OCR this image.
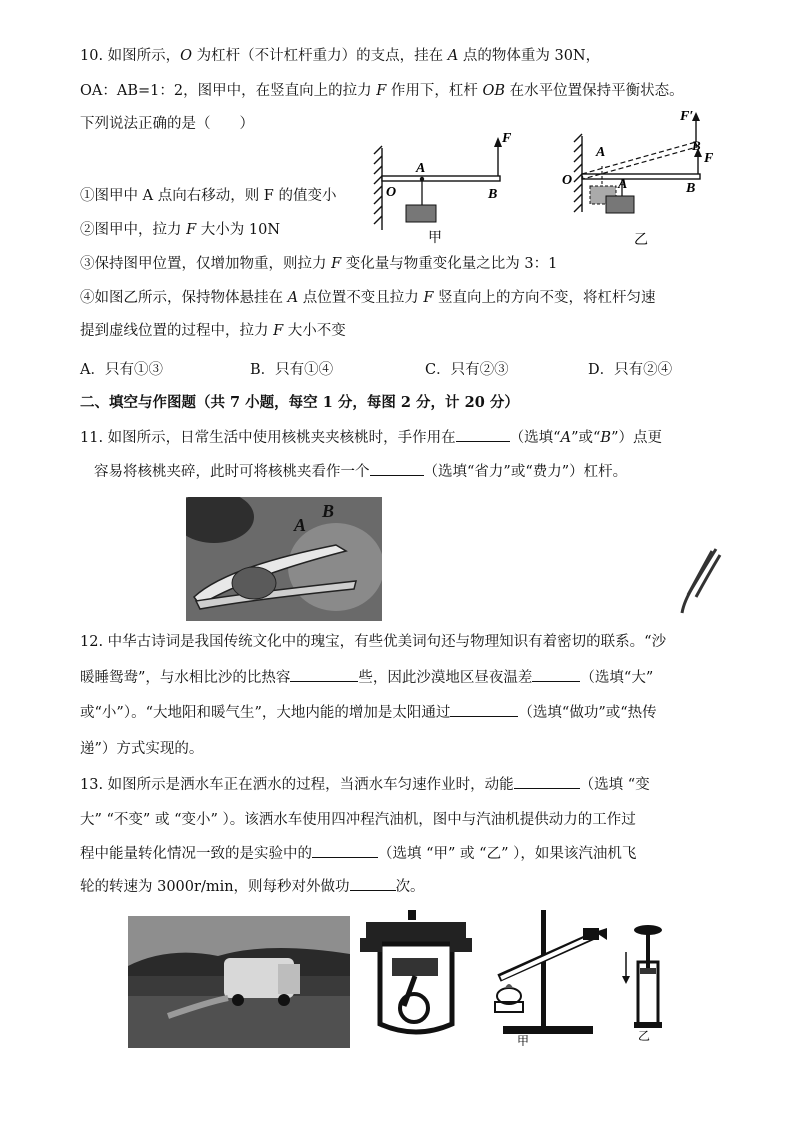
10. 如图所示，O 为杠杆（不计杠杆重力）的支点，挂在 A 点的物体重为 30N，
OA：AB=1：2，图甲中，在竖直向上的拉力 F 作用下，杠杆 OB 在水平位置保持平衡状态。
下列说法正确的是（　　）
①图甲中 A 点向右移动，则 F 的值变小
②图甲中，拉力 F 大小为 10N
③保持图甲位置，仅增加物重，则拉力 F 变化量与物重变化量之比为 3：1
④如图乙所示，保持物体悬挂在 A 点位置不变且拉力 F 竖直向上的方向不变，将杠杆匀速
提到虚线位置的过程中，拉力 F 大小不变
A．只有①③	B．只有①④	C．只有②③	D．只有②④
O
A
B
F
甲
O
A
A
B
B
F′
F
乙
二、填空与作图题（共 7 小题，每空 1 分，每图 2 分，计 20 分）
11. 如图所示，日常生活中使用核桃夹夹核桃时，手作用在	（选填“A”或“B”）点更
容易将核桃夹碎，此时可将核桃夹看作一个	（选填“省力”或“费力”）杠杆。
A
B
12. 中华古诗词是我国传统文化中的瑰宝，有些优美词句还与物理知识有着密切的联系。“沙
暖睡鸳鸯”，与水相比沙的比热容	些，因此沙漠地区昼夜温差	（选填“大”
或“小”）。“大地阳和暖气生”，大地内能的增加是太阳通过	（选填“做功”或“热传
递”）方式实现的。
13. 如图所示是洒水车正在洒水的过程，当洒水车匀速作业时，动能	（选填 “变
大” “不变” 或 “变小” ）。该洒水车使用四冲程汽油机，图中与汽油机提供动力的工作过
程中能量转化情况一致的是实验中的	（选填 “甲” 或 “乙” ），如果该汽油机飞
轮的转速为 3000r/min，则每秒对外做功	次。
甲	乙
